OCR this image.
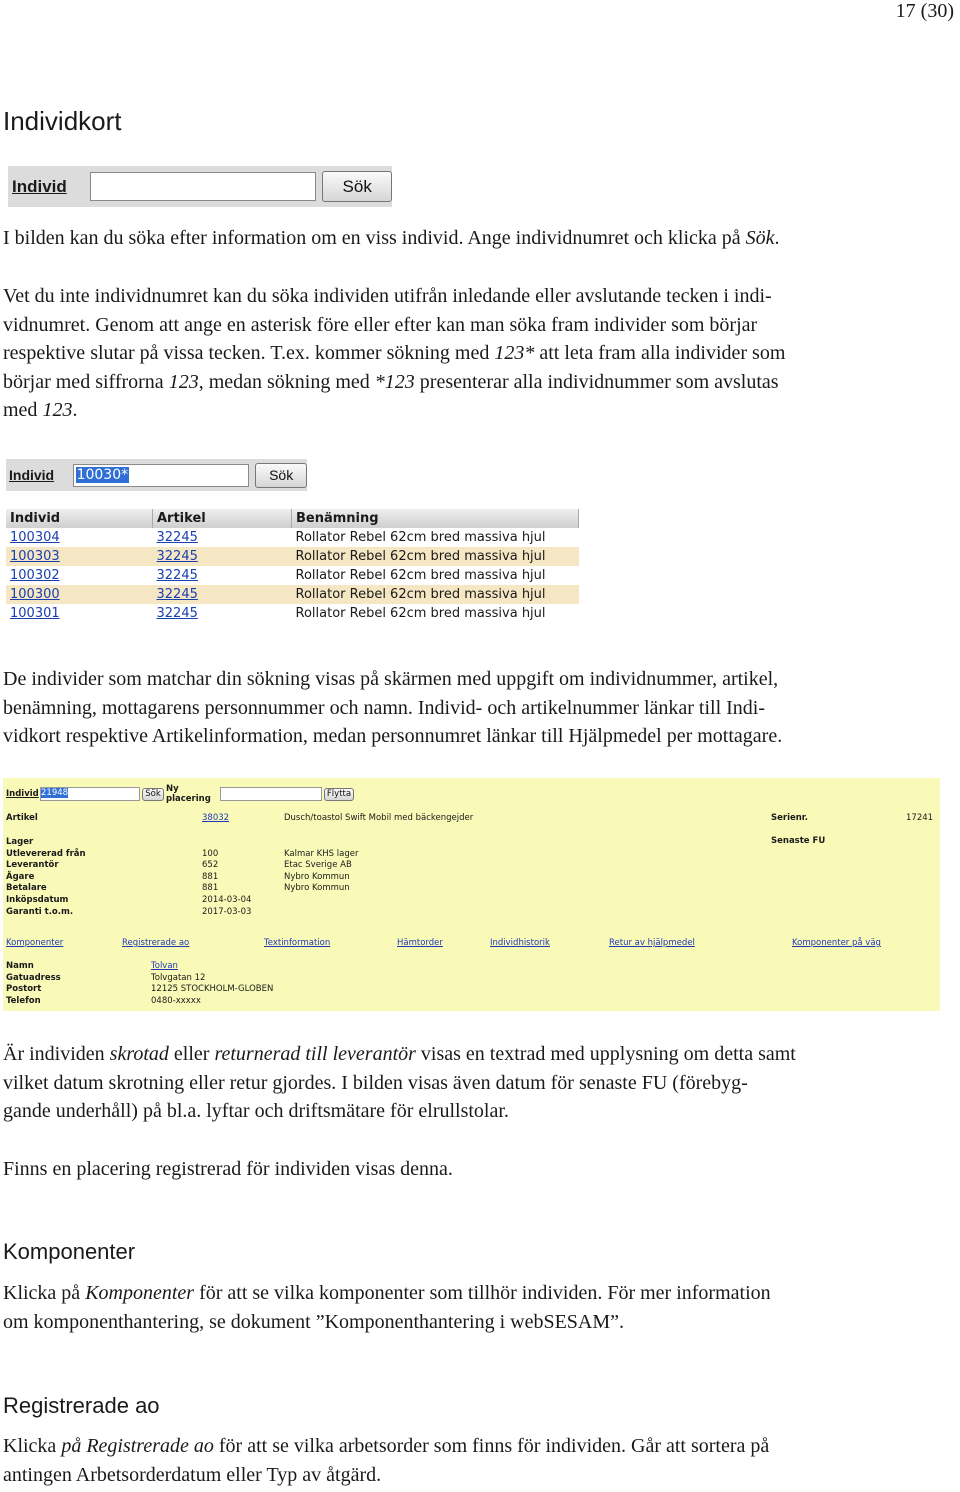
17 (30)
Individkort
Individ	Sök

I bilden kan du söka efter information om en viss individ. Ange individnumret och klicka på Sök.

Vet du inte individnumret kan du söka individen utifrån inledande eller avslutande tecken i indi-

vidnumret. Genom att ange en asterisk före eller efter kan man söka fram individer som börjar

respektive slutar på vissa tecken. T.ex. kommer sökning med 123* att leta fram alla individer som

börjar med siffrorna 123, medan sökning med *123 presenterar alla individnummer som avslutas

med 123.

Individ	10030*	Sök
Individ	Artikel	Benämning
100304	32245	Rollator Rebel 62cm bred massiva hjul
100303	32245	Rollator Rebel 62cm bred massiva hjul
100302	32245	Rollator Rebel 62cm bred massiva hjul
100300	32245	Rollator Rebel 62cm bred massiva hjul
100301	32245	Rollator Rebel 62cm bred massiva hjul

De individer som matchar din sökning visas på skärmen med uppgift om individnummer, artikel,

benämning, mottagarens personnummer och namn. Individ- och artikelnummer länkar till Indi-

vidkort respektive Artikelinformation, medan personnumret länkar till Hjälpmedel per mottagare.

Individ 21948	Sök Ny placering	Flytta
Artikel	38032	Dusch/toastol Swift Mobil med bäckengejder	Serienr.	17241
Senaste FU
Lager
Utlevererad från	100	Kalmar KHS lager
Leverantör	652	Etac Sverige AB
Ägare	881	Nybro Kommun
Betalare	881	Nybro Kommun
Inköpsdatum	2014-03-04
Garanti t.o.m.	2017-03-03
Komponenter	Registrerade ao	Textinformation	Hämtorder	Individhistorik	Retur av hjälpmedel	Komponenter på väg
Namn	Tolvan
Gatuadress	Tolvgatan 12
Postort	12125 STOCKHOLM-GLOBEN
Telefon	0480-xxxxx

Är individen skrotad eller returnerad till leverantör visas en textrad med upplysning om detta samt

vilket datum skrotning eller retur gjordes. I bilden visas även datum för senaste FU (förebyg-

gande underhåll) på bl.a. lyftar och driftsmätare för elrullstolar.

Finns en placering registrerad för individen visas denna.

Komponenter

Klicka på Komponenter för att se vilka komponenter som tillhör individen. För mer information

om komponenthantering, se dokument ”Komponenthantering i webSESAM”.

Registrerade ao

Klicka på Registrerade ao för att se vilka arbetsorder som finns för individen. Går att sortera på

antingen Arbetsorderdatum eller Typ av åtgärd.
